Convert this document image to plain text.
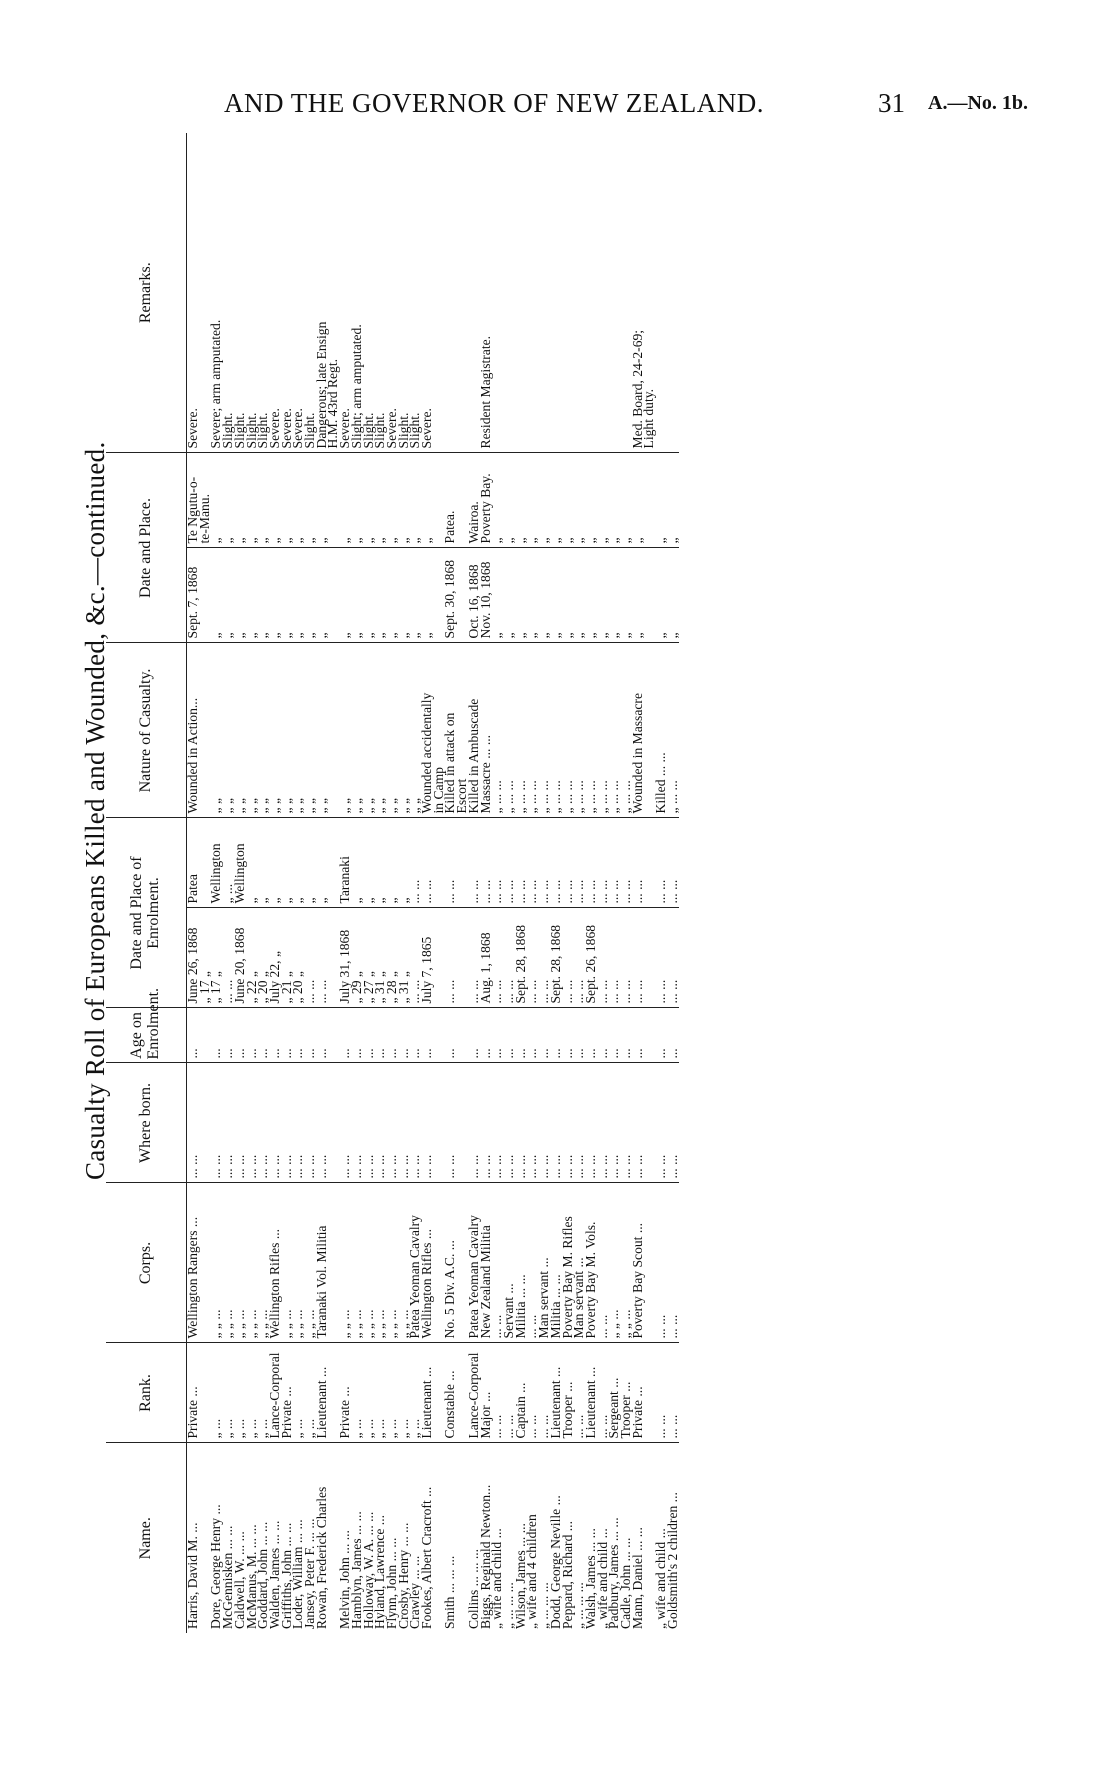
AND THE GOVERNOR OF NEW ZEALAND.	31 A.—No. 1b.
Casualty Roll of Europeans Killed and Wounded, &c.—continued.
Name.	Rank.	Corps.	Where born.	Age on Enrolment.	Date and Place of Enrolment.		Nature of Casualty.	Date and Place.		Remarks.
Harris, David M. ...	Private ...	Wellington Rangers ...	... ...	...	June 26, 1868	Patea	Wounded in Action...	Sept. 7, 1868	Te Ngutu-o-	Severe.
					„ 17 „				te-Manu.	
Dore, George Henry ...	„ ...	„ „ ...	... ...	...	„ 17 „	Wellington	„ „	„	„	Severe; arm amputated.
McGennisken ... ...	„ ...	„ „ ...	... ...	...	... ...	„ ...	„ „	„	„	Slight.
Caldwell, W. ... ...	„ ...	„ „ ...	... ...	...	June 20, 1868	Wellington	„ „	„	„	Slight.
McManus, M. ... ...	„ ...	„ „ ...	... ...	...	„ 22 „	„	„ „	„	„	Slight.
Goddard, John ... ...	„ ...	„ „ ...	... ...	...	„ 20 „	„	„ „	„	„	Slight.
Walden, James ... ...	Lance-Corporal	Wellington Rifles ...	... ...	...	July 22, „	„	„ „	„	„	Severe.
Griffiths, John ... ...	Private ...	„ „ ...	... ...	...	„ 21 „	„	„ „	„	„	Severe.
Loder, William ... ...	„ ...	„ „ ...	... ...	...	„ 20 „	„	„ „	„	„	Severe.
Jansey, Peter F. ... ...	„ ...	„ „ ...	... ...	...	... ...	„	„ „	„	„	Slight.
Rowan, Frederick Charles	Lieutenant ...	Taranaki Vol. Militia	... ...	...	... ...	„	„ „	„	„	Dangerous; late Ensign
										H.M. 43rd Regt.
Melvin, John ... ...	Private ...	„ „ ...	... ...	...	July 31, 1868	Taranaki	„ „	„	„	Severe.
Hamblyn, James ... ...	„ ...	„ „ ...	... ...	...	„ 29 „	„	„ „	„	„	Slight; arm amputated.
Holloway, W. A. ... ...	„ ...	„ „ ...	... ...	...	„ 27 „	„	„ „	„	„	Slight.
Hyland, Lawrence ...	„ ...	„ „ ...	... ...	...	„ 31 „	„	„ „	„	„	Slight.
Flynn, John ... ...	„ ...	„ „ ...	... ...	...	„ 28 „	„	„ „	„	„	Severe.
Crosby, Henry ... ...	„ ...	„ „ ...	... ...	...	„ 31 „	„	„ „	„	„	Slight.
Crawley ... ...	„ ...	Patea Yeoman Cavalry	... ...	...	... ...	... ...	„ „	„	„	Slight.
Fookes, Albert Cracroft ...	Lieutenant ...	Wellington Rifles ...	... ...	...	July 7, 1865	... ...	Wounded accidentally	„	„	Severe.
							in Camp			
Smith ... ... ...	Constable ...	No. 5 Div. A.C. ...	... ...	...	... ...	... ...	Killed in attack on	Sept. 30, 1868	Patea.	
							Escort			
Collins ... ... ...	Lance-Corporal	Patea Yeoman Cavalry	... ...	...	... ...	... ...	Killed in Ambuscade	Oct. 16, 1868	Wairoa.	
Biggs, Reginald Newton...	Major ...	New Zealand Militia	... ...	...	Aug. 1, 1868	... ...	Massacre ... ...	Nov. 10, 1868	Poverty Bay.	Resident Magistrate.
„ wife and child ...	... ...	... ...	... ...	...	... ...	... ...	„ ... ...	„	„	
„ ... ... ...	... ...	Servant ...	... ...	...	... ...	... ...	„ ... ...	„	„	
Wilson, James ... ...	Captain ...	Militia ... ...	... ...	...	Sept. 28, 1868	... ...	„ ... ...	„	„	
„ wife and 4 children	... ...	... ...	... ...	...	... ...	... ...	„ ... ...	„	„	
„ ... ... ...	... ...	Man servant ...	... ...	...	... ...	... ...	„ ... ...	„	„	
Dodd, George Neville ...	Lieutenant ...	Militia ... ...	... ...	...	Sept. 28, 1868	... ...	„ ... ...	„	„	
Peppard, Richard ...	Trooper ...	Poverty Bay M. Rifles	... ...	...	... ...	... ...	„ ... ...	„	„	
„ ... ... ...	... ...	Man servant ...	... ...	...	... ...	... ...	„ ... ...	„	„	
Walsh, James ... ...	Lieutenant ...	Poverty Bay M. Vols.	... ...	...	Sept. 26, 1868	... ...	„ ... ...	„	„	
„ wife and child ...	... ...	... ...	... ...	...	... ...	... ...	„ ... ...	„	„	
Padbury, James ... ...	Sergeant ...	„ „ ...	... ...	...	... ...	... ...	„ ... ...	„	„	
Cadle, John ... ...	Trooper ...	„ „ ...	... ...	...	... ...	... ...	„ ... ...	„	„	
Mann, Daniel ... ...	Private ...	Poverty Bay Scout ...	... ...	...	... ...	... ...	Wounded in Massacre	„	„	Med. Board, 24-2-69;
										Light duty.
„ wife and child ...	... ...	... ...	... ...	...	... ...	... ...	Killed ... ...	„	„	
Goldsmith's 2 children ...	... ...	... ...	... ...	...	... ...	... ...	„ ... ...	„	„	
